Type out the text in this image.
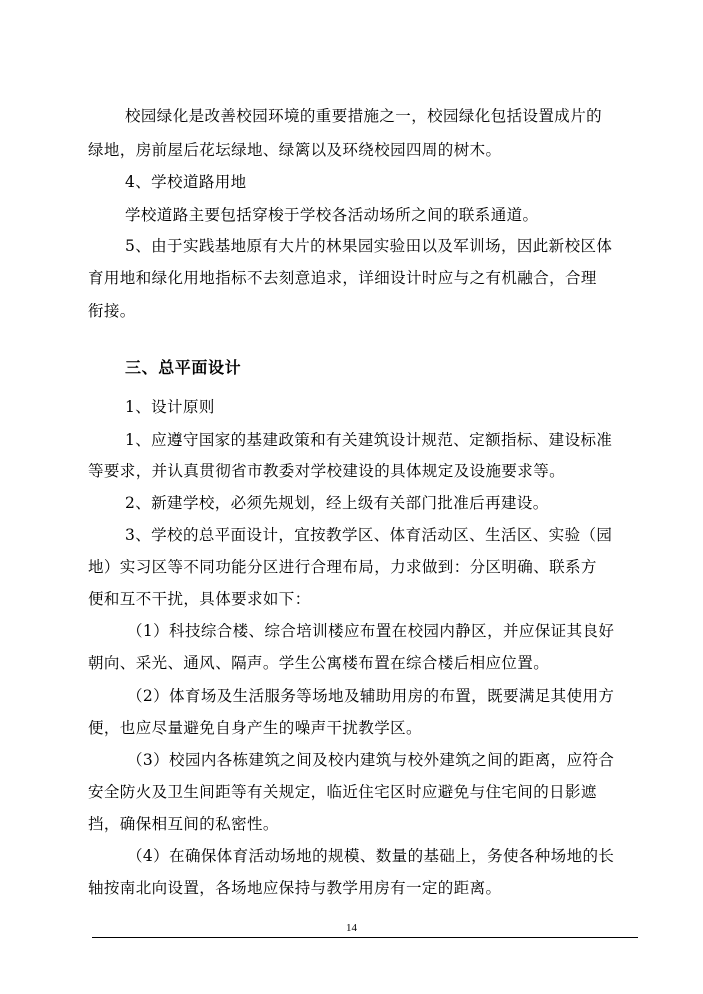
校园绿化是改善校园环境的重要措施之一，校园绿化包括设置成片的
绿地，房前屋后花坛绿地、绿篱以及环绕校园四周的树木。
4、学校道路用地
学校道路主要包括穿梭于学校各活动场所之间的联系通道。
5、由于实践基地原有大片的林果园实验田以及军训场，因此新校区体
育用地和绿化用地指标不去刻意追求，详细设计时应与之有机融合，合理
衔接。
三、总平面设计
1、设计原则
1、应遵守国家的基建政策和有关建筑设计规范、定额指标、建设标准
等要求，并认真贯彻省市教委对学校建设的具体规定及设施要求等。
2、新建学校，必须先规划，经上级有关部门批准后再建设。
3、学校的总平面设计，宜按教学区、体育活动区、生活区、实验（园
地）实习区等不同功能分区进行合理布局，力求做到：分区明确、联系方
便和互不干扰，具体要求如下：
（1）科技综合楼、综合培训楼应布置在校园内静区，并应保证其良好
朝向、采光、通风、隔声。学生公寓楼布置在综合楼后相应位置。
（2）体育场及生活服务等场地及辅助用房的布置，既要满足其使用方
便，也应尽量避免自身产生的噪声干扰教学区。
（3）校园内各栋建筑之间及校内建筑与校外建筑之间的距离，应符合
安全防火及卫生间距等有关规定，临近住宅区时应避免与住宅间的日影遮
挡，确保相互间的私密性。
（4）在确保体育活动场地的规模、数量的基础上，务使各种场地的长
轴按南北向设置，各场地应保持与教学用房有一定的距离。
14
